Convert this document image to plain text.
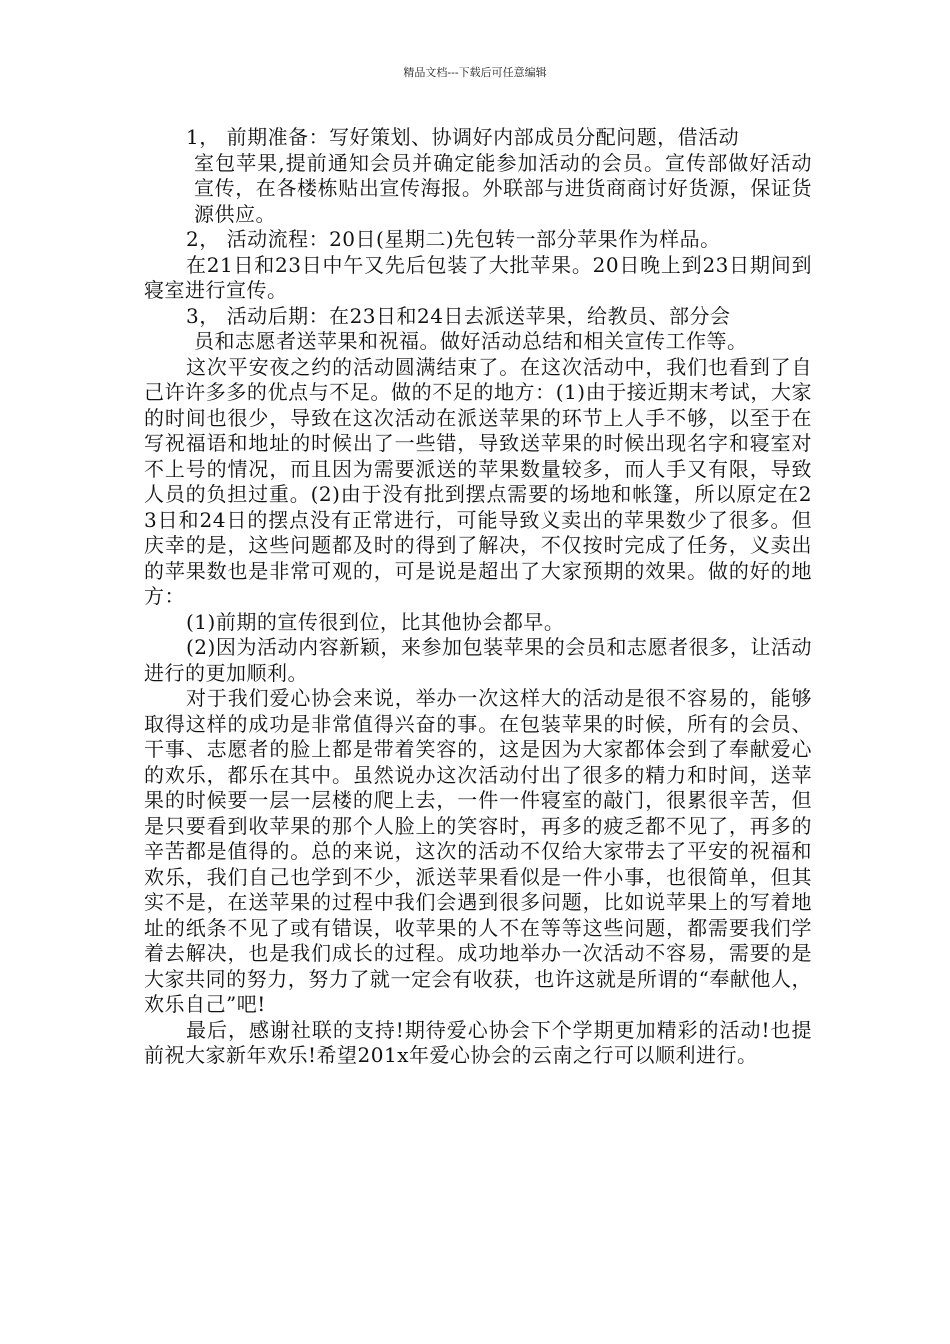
精品文档---下载后可任意编辑

1， 前期准备：写好策划、协调好内部成员分配问题，借活动

室包苹果,提前通知会员并确定能参加活动的会员。宣传部做好活动宣传，在各楼栋贴出宣传海报。外联部与进货商商讨好货源，保证货源供应。

2， 活动流程：20日(星期二)先包转一部分苹果作为样品。

在21日和23日中午又先后包装了大批苹果。20日晚上到23日期间到寝室进行宣传。

3， 活动后期：在23日和24日去派送苹果，给教员、部分会

员和志愿者送苹果和祝福。做好活动总结和相关宣传工作等。

这次平安夜之约的活动圆满结束了。在这次活动中，我们也看到了自己许许多多的优点与不足。做的不足的地方：(1)由于接近期末考试，大家的时间也很少，导致在这次活动在派送苹果的环节上人手不够，以至于在写祝福语和地址的时候出了一些错，导致送苹果的时候出现名字和寝室对不上号的情况，而且因为需要派送的苹果数量较多，而人手又有限，导致人员的负担过重。(2)由于没有批到摆点需要的场地和帐篷，所以原定在23日和24日的摆点没有正常进行，可能导致义卖出的苹果数少了很多。但庆幸的是，这些问题都及时的得到了解决，不仅按时完成了任务，义卖出的苹果数也是非常可观的，可是说是超出了大家预期的效果。做的好的地方：

(1)前期的宣传很到位，比其他协会都早。

(2)因为活动内容新颖，来参加包装苹果的会员和志愿者很多，让活动进行的更加顺利。

对于我们爱心协会来说，举办一次这样大的活动是很不容易的，能够取得这样的成功是非常值得兴奋的事。在包装苹果的时候，所有的会员、干事、志愿者的脸上都是带着笑容的，这是因为大家都体会到了奉献爱心的欢乐，都乐在其中。虽然说办这次活动付出了很多的精力和时间，送苹果的时候要一层一层楼的爬上去，一件一件寝室的敲门，很累很辛苦，但是只要看到收苹果的那个人脸上的笑容时，再多的疲乏都不见了，再多的辛苦都是值得的。总的来说，这次的活动不仅给大家带去了平安的祝福和欢乐，我们自己也学到不少，派送苹果看似是一件小事，也很简单，但其实不是，在送苹果的过程中我们会遇到很多问题，比如说苹果上的写着地址的纸条不见了或有错误，收苹果的人不在等等这些问题，都需要我们学着去解决，也是我们成长的过程。成功地举办一次活动不容易，需要的是大家共同的努力，努力了就一定会有收获，也许这就是所谓的“奉献他人，欢乐自己”吧!

最后，感谢社联的支持!期待爱心协会下个学期更加精彩的活动!也提前祝大家新年欢乐!希望201x年爱心协会的云南之行可以顺利进行。
